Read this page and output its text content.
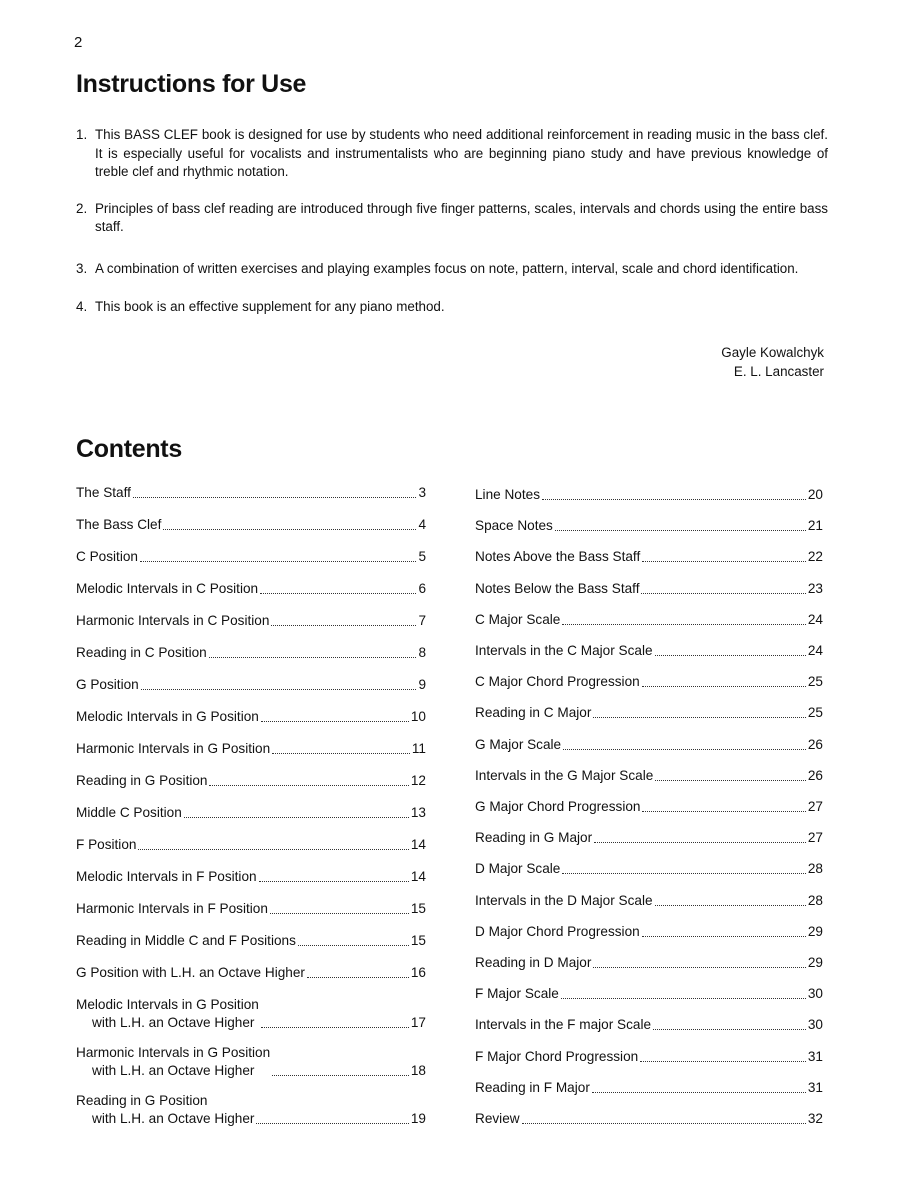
2
Instructions for Use
1. This BASS CLEF book is designed for use by students who need additional reinforcement in reading music in the bass clef. It is especially useful for vocalists and instrumentalists who are beginning piano study and have previous knowledge of treble clef and rhythmic notation.
2. Principles of bass clef reading are introduced through five finger patterns, scales, intervals and chords using the entire bass staff.
3. A combination of written exercises and playing examples focus on note, pattern, interval, scale and chord identification.
4. This book is an effective supplement for any piano method.
Gayle Kowalchyk
E. L. Lancaster
Contents
The Staff	3
The Bass Clef	4
C Position	5
Melodic Intervals in C Position	6
Harmonic Intervals in C Position	7
Reading in C Position	8
G Position	9
Melodic Intervals in G Position	10
Harmonic Intervals in G Position	11
Reading in G Position	12
Middle C Position	13
F Position	14
Melodic Intervals in F Position	14
Harmonic Intervals in F Position	15
Reading in Middle C and F Positions	15
G Position with L.H. an Octave Higher	16
Melodic Intervals in G Position
with L.H. an Octave Higher	17
Harmonic Intervals in G Position
with L.H. an Octave Higher	18
Reading in G Position
with L.H. an Octave Higher	19
Line Notes	20
Space Notes	21
Notes Above the Bass Staff	22
Notes Below the Bass Staff	23
C Major Scale	24
Intervals in the C Major Scale	24
C Major Chord Progression	25
Reading in C Major	25
G Major Scale	26
Intervals in the G Major Scale	26
G Major Chord Progression	27
Reading in G Major	27
D Major Scale	28
Intervals in the D Major Scale	28
D Major Chord Progression	29
Reading in D Major	29
F Major Scale	30
Intervals in the F major Scale	30
F Major Chord Progression	31
Reading in F Major	31
Review	32
